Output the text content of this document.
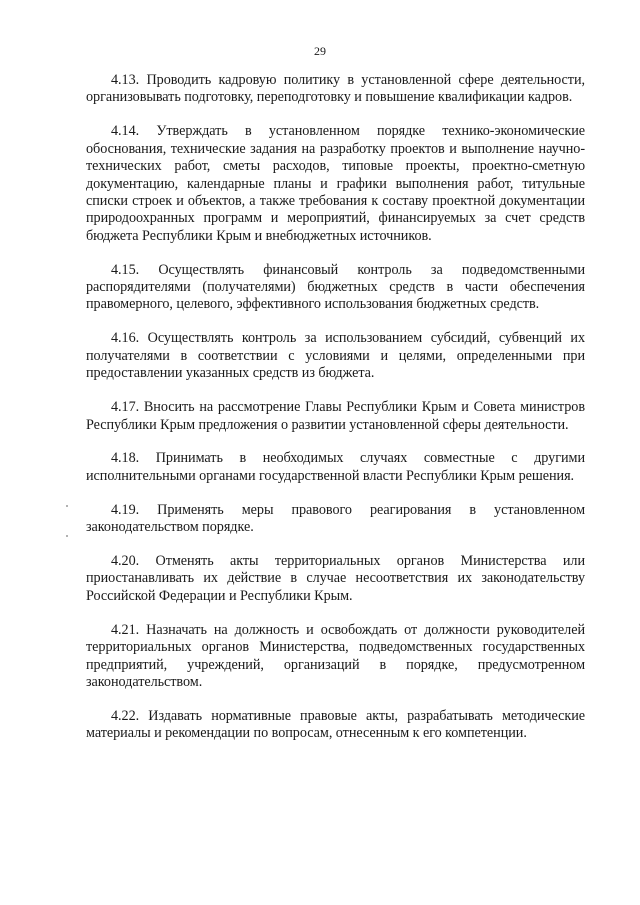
29

4.13. Проводить кадровую политику в установленной сфере деятельности, организовывать подготовку, переподготовку и повышение квалификации кадров.

4.14. Утверждать в установленном порядке технико-экономические обоснования, технические задания на разработку проектов и выполнение научно-технических работ, сметы расходов, типовые проекты, проектно-сметную документацию, календарные планы и графики выполнения работ, титульные списки строек и объектов, а также требования к составу проектной документации природоохранных программ и мероприятий, финансируемых за счет средств бюджета Республики Крым и внебюджетных источников.

4.15. Осуществлять финансовый контроль за подведомственными распорядителями (получателями) бюджетных средств в части обеспечения правомерного, целевого, эффективного использования бюджетных средств.

4.16. Осуществлять контроль за использованием субсидий, субвенций их получателями в соответствии с условиями и целями, определенными при предоставлении указанных средств из бюджета.

4.17. Вносить на рассмотрение Главы Республики Крым и Совета министров Республики Крым предложения о развитии установленной сферы деятельности.

4.18. Принимать в необходимых случаях совместные с другими исполнительными органами государственной власти Республики Крым решения.

4.19. Применять меры правового реагирования в установленном законодательством порядке.

4.20. Отменять акты территориальных органов Министерства или приостанавливать их действие в случае несоответствия их законодательству Российской Федерации и Республики Крым.

4.21. Назначать на должность и освобождать от должности руководителей территориальных органов Министерства, подведомственных государственных предприятий, учреждений, организаций в порядке, предусмотренном законодательством.

4.22. Издавать нормативные правовые акты, разрабатывать методические материалы и рекомендации по вопросам, отнесенным к его компетенции.
